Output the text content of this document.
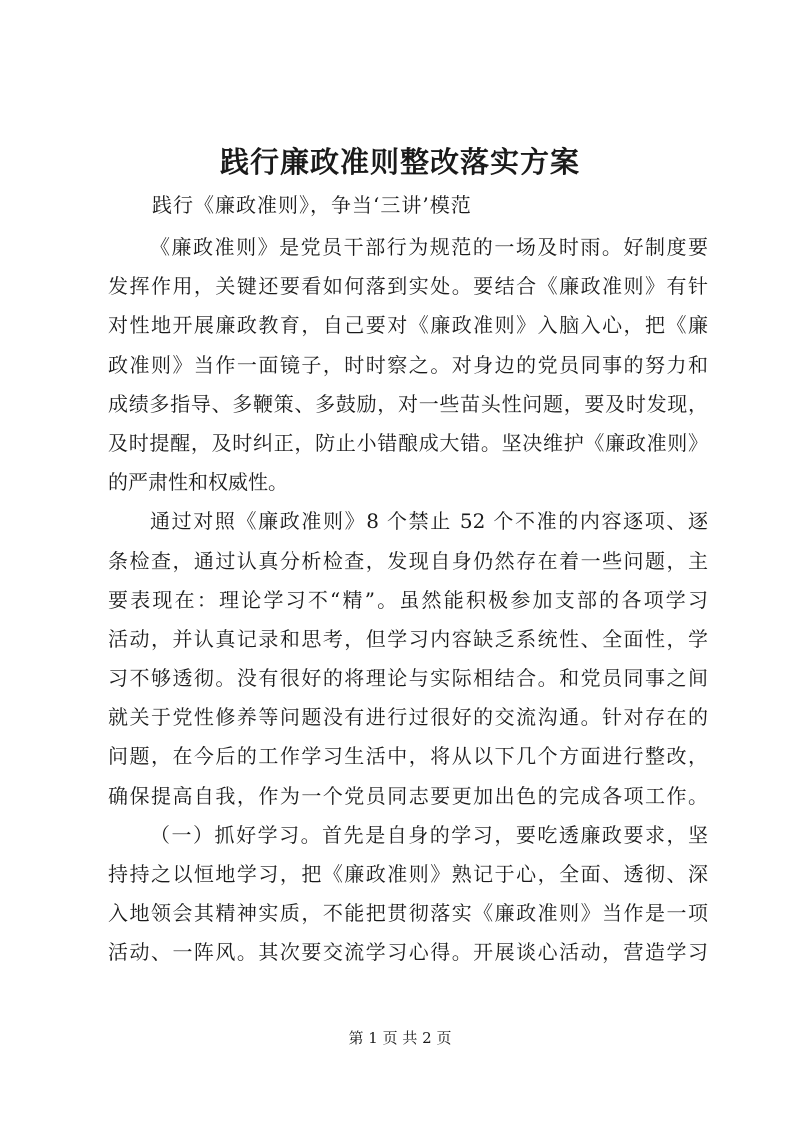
践行廉政准则整改落实方案

践行《廉政准则》，争当‘三讲’模范

《廉政准则》是党员干部行为规范的一场及时雨。好制度要
发挥作用，关键还要看如何落到实处。要结合《廉政准则》有针
对性地开展廉政教育，自己要对《廉政准则》入脑入心，把《廉
政准则》当作一面镜子，时时察之。对身边的党员同事的努力和
成绩多指导、多鞭策、多鼓励，对一些苗头性问题，要及时发现，
及时提醒，及时纠正，防止小错酿成大错。坚决维护《廉政准则》
的严肃性和权威性。
通过对照《廉政准则》8 个禁止 52 个不准的内容逐项、逐
条检查，通过认真分析检查，发现自身仍然存在着一些问题，主
要表现在：理论学习不“精”。虽然能积极参加支部的各项学习
活动，并认真记录和思考，但学习内容缺乏系统性、全面性，学
习不够透彻。没有很好的将理论与实际相结合。和党员同事之间
就关于党性修养等问题没有进行过很好的交流沟通。针对存在的
问题，在今后的工作学习生活中，将从以下几个方面进行整改，
确保提高自我，作为一个党员同志要更加出色的完成各项工作。
（一）抓好学习。首先是自身的学习，要吃透廉政要求，坚
持持之以恒地学习，把《廉政准则》熟记于心，全面、透彻、深
入地领会其精神实质，不能把贯彻落实《廉政准则》当作是一项
活动、一阵风。其次要交流学习心得。开展谈心活动，营造学习

第 1 页 共 2 页
